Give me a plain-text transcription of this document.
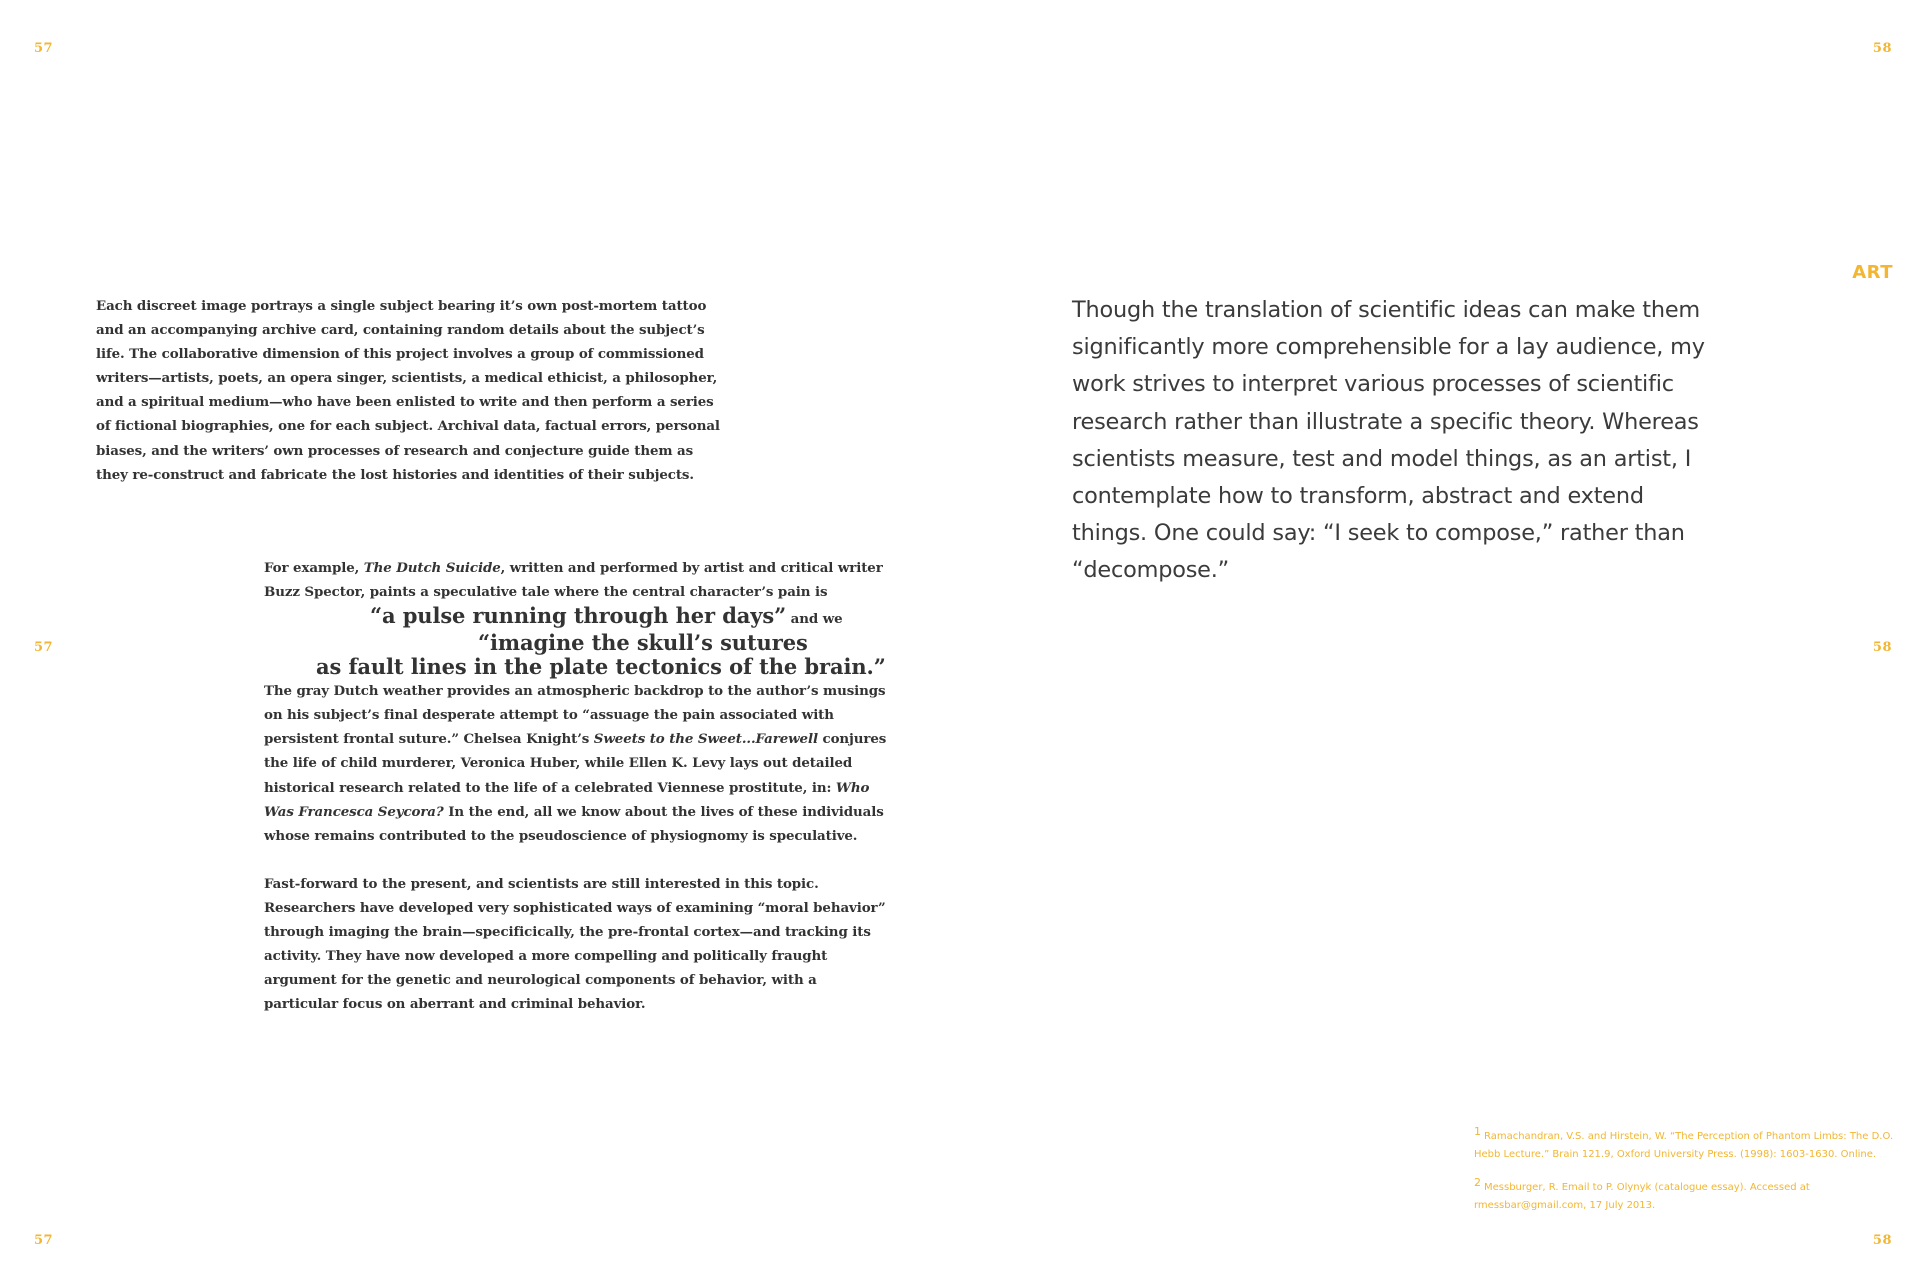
57
57
57
58
58
58

Each discreet image portrays a single subject bearing it’s own post-mortem tattoo and an accompanying archive card, containing random details about the subject’s life. The collaborative dimension of this project involves a group of commissioned writers—artists, poets, an opera singer, scientists, a medical ethicist, a philosopher, and a spiritual medium—who have been enlisted to write and then perform a series of fictional biographies, one for each subject. Archival data, factual errors, personal biases, and the writers’ own processes of research and conjecture guide them as they re-construct and fabricate the lost histories and identities of their subjects.

For example, The Dutch Suicide, written and performed by artist and critical writer Buzz Spector, paints a speculative tale where the central character’s pain is

“a pulse running through her days” and we
“imagine the skull’s sutures
as fault lines in the plate tectonics of the brain.”

The gray Dutch weather provides an atmospheric backdrop to the author’s musings on his subject’s final desperate attempt to “assuage the pain associated with persistent frontal suture.” Chelsea Knight’s Sweets to the Sweet...Farewell conjures the life of child murderer, Veronica Huber, while Ellen K. Levy lays out detailed historical research related to the life of a celebrated Viennese prostitute, in: Who Was Francesca Seycora? In the end, all we know about the lives of these individuals whose remains contributed to the pseudoscience of physiognomy is speculative.

Fast-forward to the present, and scientists are still interested in this topic. Researchers have developed very sophisticated ways of examining “moral behavior” through imaging the brain—specificically, the pre-frontal cortex—and tracking its activity. They have now developed a more compelling and politically fraught argument for the genetic and neurological components of behavior, with a particular focus on aberrant and criminal behavior.

ART
Though the translation of scientific ideas can make them significantly more comprehensible for a lay audience, my work strives to interpret various processes of scientific research rather than illustrate a specific theory. Whereas scientists measure, test and model things, as an artist, I contemplate how to transform, abstract and extend things. One could say: “I seek to compose,” rather than “decompose.”

$^1$ Ramachandran, V.S. and Hirstein, W. “The Perception of Phantom Limbs: The D.O. Hebb Lecture.” Brain 121.9, Oxford University Press. (1998): 1603-1630. Online.

$^2$ Messburger, R. Email to P. Olynyk (catalogue essay). Accessed at rmessbar@gmail.com, 17 July 2013.
